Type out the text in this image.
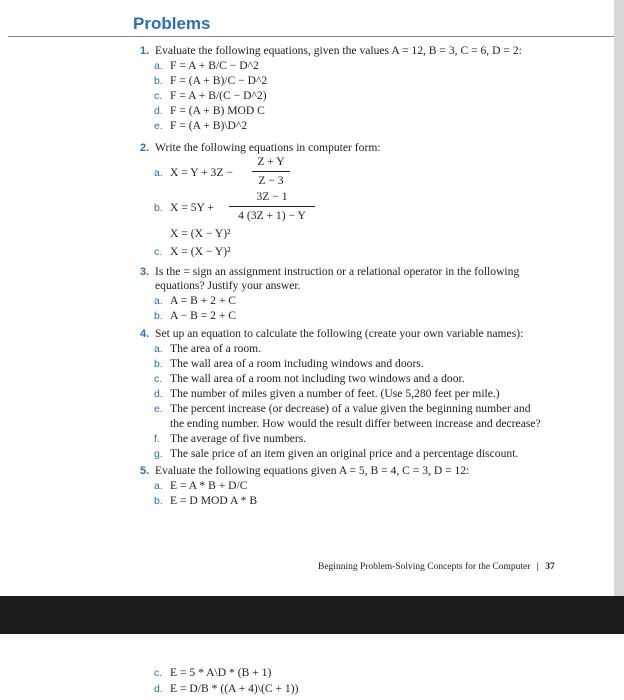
Problems
1. Evaluate the following equations, given the values A = 12, B = 3, C = 6, D = 2:
a. F = A + B/C − D^2
b. F = (A + B)/C − D^2
c. F = A + B/(C − D^2)
d. F = (A + B) MOD C
e. F = (A + B)\D^2
2. Write the following equations in computer form:
a. X = Y + 3Z −
Z + Y
Z − 3
b. X = 5Y +
3Z − 1
4 (3Z + 1) − Y
X = (X − Y)²
c. X = (X − Y)²
3. Is the = sign an assignment instruction or a relational operator in the following
equations? Justify your answer.
a. A = B + 2 + C
b. A − B = 2 + C
4. Set up an equation to calculate the following (create your own variable names):
a. The area of a room.
b. The wall area of a room including windows and doors.
c. The wall area of a room not including two windows and a door.
d. The number of miles given a number of feet. (Use 5,280 feet per mile.)
e. The percent increase (or decrease) of a value given the beginning number and
the ending number. How would the result differ between increase and decrease?
f. The average of five numbers.
g. The sale price of an item given an original price and a percentage discount.
5. Evaluate the following equations given A = 5, B = 4, C = 3, D = 12:
a. E = A * B + D/C
b. E = D MOD A * B
Beginning Problem-Solving Concepts for the Computer | 37
c. E = 5 * A\D * (B + 1)
d. E = D/B * ((A + 4)\(C + 1))
